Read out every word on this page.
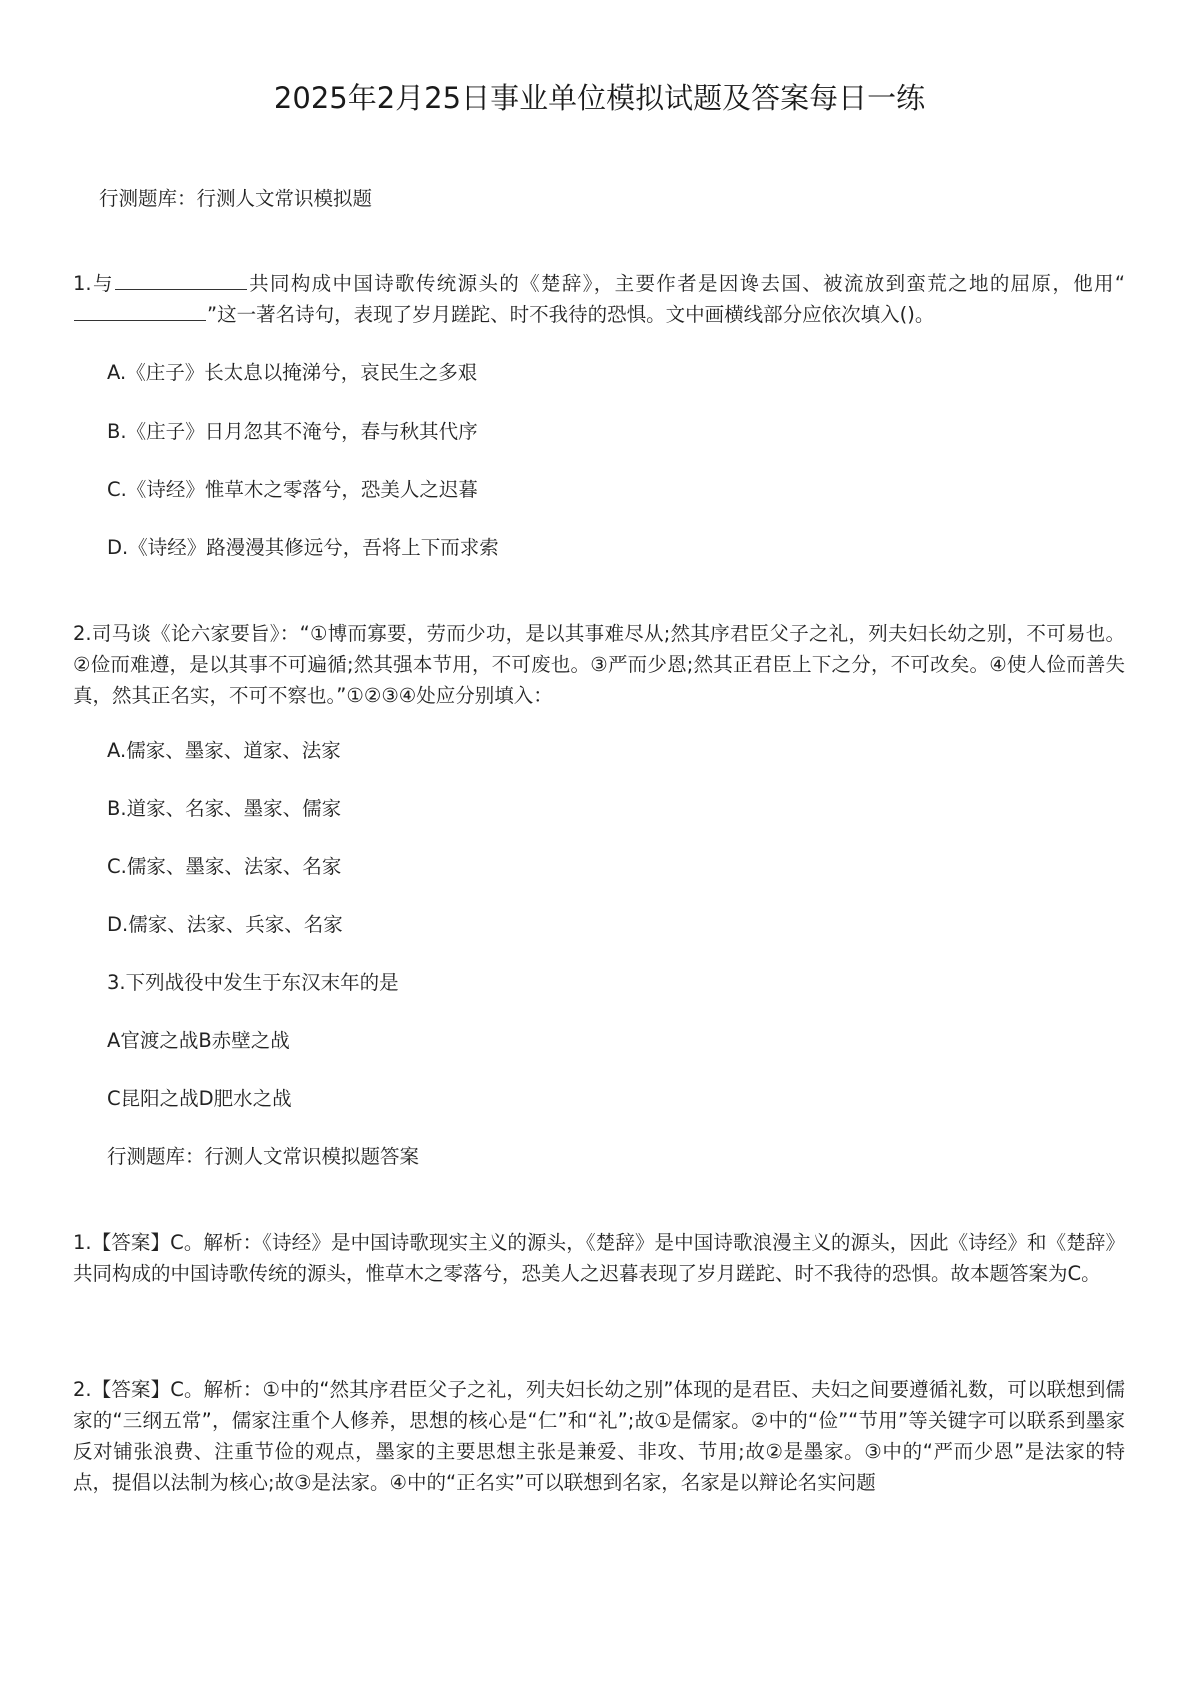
2025年2月25日事业单位模拟试题及答案每日一练
行测题库：行测人文常识模拟题
1.与	共同构成中国诗歌传统源头的《楚辞》，主要作者是因谗去国、被流放到蛮荒之地的屈原，他用“”这一著名诗句，表现了岁月蹉跎、时不我待的恐惧。文中画横线部分应依次填入()。
A.《庄子》长太息以掩涕兮，哀民生之多艰
B.《庄子》日月忽其不淹兮，春与秋其代序
C.《诗经》惟草木之零落兮，恐美人之迟暮
D.《诗经》路漫漫其修远兮，吾将上下而求索
2.司马谈《论六家要旨》：“①博而寡要，劳而少功，是以其事难尽从;然其序君臣父子之礼，列夫妇长幼之别，不可易也。②俭而难遵，是以其事不可遍循;然其强本节用，不可废也。③严而少恩;然其正君臣上下之分，不可改矣。④使人俭而善失真，然其正名实，不可不察也。”①②③④处应分别填入：
A.儒家、墨家、道家、法家
B.道家、名家、墨家、儒家
C.儒家、墨家、法家、名家
D.儒家、法家、兵家、名家
3.下列战役中发生于东汉末年的是
A官渡之战B赤壁之战
C昆阳之战D肥水之战
行测题库：行测人文常识模拟题答案
1.【答案】C。解析：《诗经》是中国诗歌现实主义的源头，《楚辞》是中国诗歌浪漫主义的源头，因此《诗经》和《楚辞》共同构成的中国诗歌传统的源头，惟草木之零落兮，恐美人之迟暮表现了岁月蹉跎、时不我待的恐惧。故本题答案为C。
2.【答案】C。解析：①中的“然其序君臣父子之礼，列夫妇长幼之别”体现的是君臣、夫妇之间要遵循礼数，可以联想到儒家的“三纲五常”，儒家注重个人修养，思想的核心是“仁”和“礼”;故①是儒家。②中的“俭”“节用”等关键字可以联系到墨家反对铺张浪费、注重节俭的观点，墨家的主要思想主张是兼爱、非攻、节用;故②是墨家。③中的“严而少恩”是法家的特点，提倡以法制为核心;故③是法家。④中的“正名实”可以联想到名家，名家是以辩论名实问题
